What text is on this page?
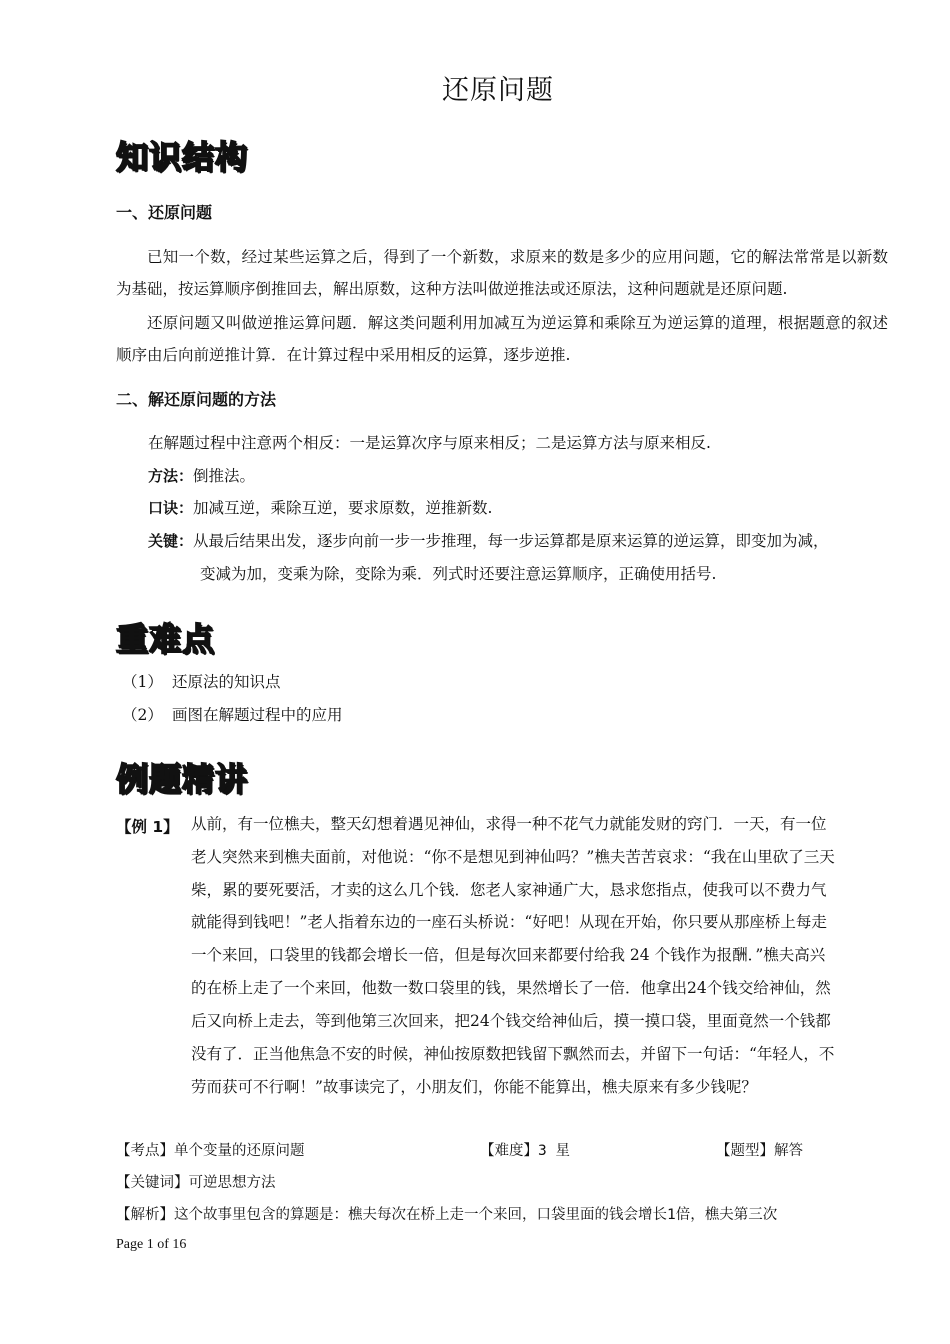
还原问题
知识结构
一、还原问题
已知一个数，经过某些运算之后，得到了一个新数，求原来的数是多少的应用问题，它的解法常常是以新数为基础，按运算顺序倒推回去，解出原数，这种方法叫做逆推法或还原法，这种问题就是还原问题.
还原问题又叫做逆推运算问题．解这类问题利用加减互为逆运算和乘除互为逆运算的道理，根据题意的叙述顺序由后向前逆推计算．在计算过程中采用相反的运算，逐步逆推.
二、解还原问题的方法
在解题过程中注意两个相反：一是运算次序与原来相反；二是运算方法与原来相反.
方法：倒推法。
口诀：加减互逆，乘除互逆，要求原数，逆推新数.
关键：从最后结果出发，逐步向前一步一步推理，每一步运算都是原来运算的逆运算，即变加为减，
变减为加，变乘为除，变除为乘．列式时还要注意运算顺序，正确使用括号.
重难点
（1） 还原法的知识点
（2） 画图在解题过程中的应用
例题精讲
【例 1】 从前，有一位樵夫，整天幻想着遇见神仙，求得一种不花气力就能发财的窍门．一天，有一位
老人突然来到樵夫面前，对他说：“你不是想见到神仙吗？”樵夫苦苦哀求：“我在山里砍了三天
柴，累的要死要活，才卖的这么几个钱．您老人家神通广大，恳求您指点，使我可以不费力气
就能得到钱吧！”老人指着东边的一座石头桥说：“好吧！从现在开始，你只要从那座桥上每走
一个来回，口袋里的钱都会增长一倍，但是每次回来都要付给我 24 个钱作为报酬．”樵夫高兴
的在桥上走了一个来回，他数一数口袋里的钱，果然增长了一倍．他拿出24个钱交给神仙，然
后又向桥上走去，等到他第三次回来，把24个钱交给神仙后，摸一摸口袋，里面竟然一个钱都
没有了．正当他焦急不安的时候，神仙按原数把钱留下飘然而去，并留下一句话：“年轻人，不
劳而获可不行啊！”故事读完了，小朋友们，你能不能算出，樵夫原来有多少钱呢？
【考点】单个变量的还原问题	【难度】3 星	【题型】解答
【关键词】可逆思想方法
【解析】这个故事里包含的算题是：樵夫每次在桥上走一个来回，口袋里面的钱会增长1倍，樵夫第三次
Page 1 of 16
